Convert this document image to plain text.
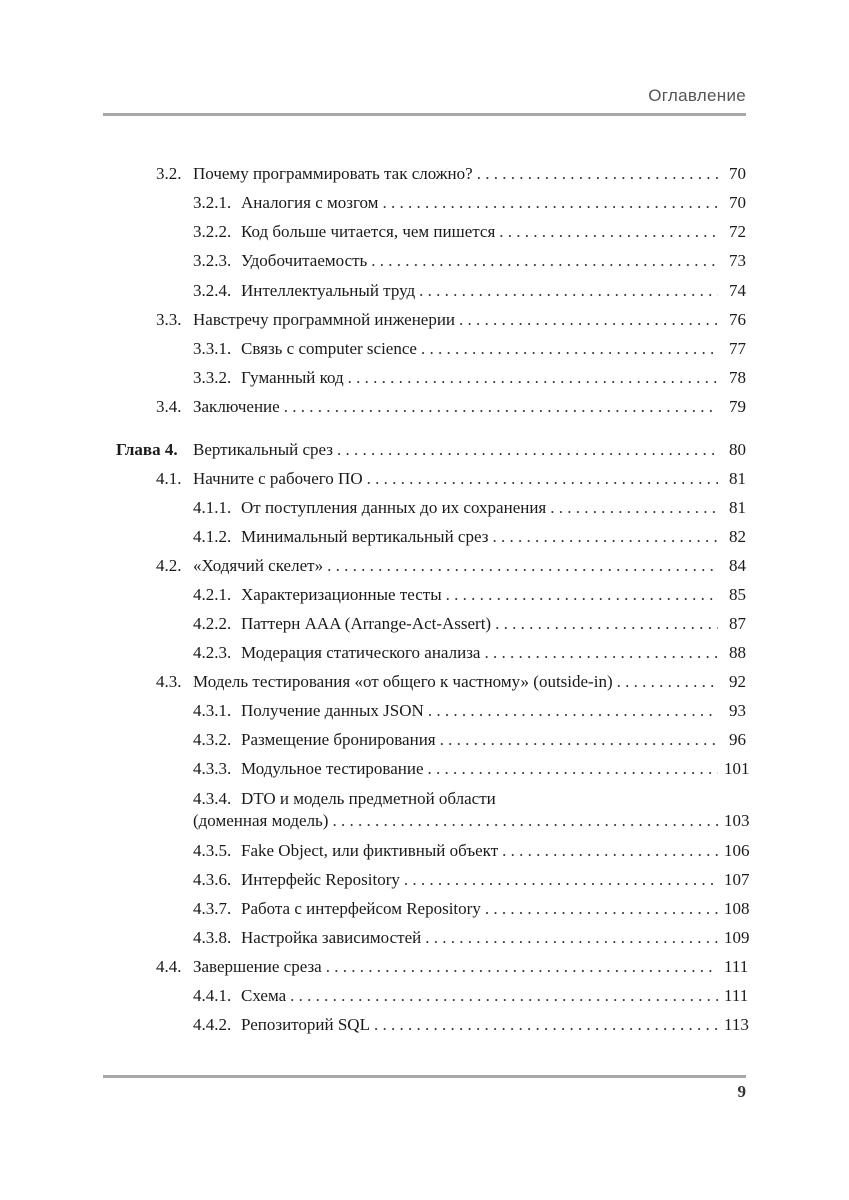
Оглавление
3.2. Почему программировать так сложно? . . .	70
3.2.1. Аналогия с мозгом . . .	70
3.2.2. Код больше читается, чем пишется . . .	72
3.2.3. Удобочитаемость . . .	73
3.2.4. Интеллектуальный труд . . .	74
3.3. Навстречу программной инженерии . . .	76
3.3.1. Связь с computer science . . .	77
3.3.2. Гуманный код . . .	78
3.4. Заключение . . .	79
Глава 4. Вертикальный срез . . .	80
4.1. Начните с рабочего ПО . . .	81
4.1.1. От поступления данных до их сохранения . . .	81
4.1.2. Минимальный вертикальный срез . . .	82
4.2. «Ходячий скелет» . . .	84
4.2.1. Характеризационные тесты . . .	85
4.2.2. Паттерн AAA (Arrange-Act-Assert) . . .	87
4.2.3. Модерация статического анализа . . .	88
4.3. Модель тестирования «от общего к частному» (outside-in) . . .	92
4.3.1. Получение данных JSON . . .	93
4.3.2. Размещение бронирования . . .	96
4.3.3. Модульное тестирование . . .	101
4.3.4. DTO и модель предметной области
(доменная модель) . . .	103
4.3.5. Fake Object, или фиктивный объект . . .	106
4.3.6. Интерфейс Repository . . .	107
4.3.7. Работа с интерфейсом Repository . . .	108
4.3.8. Настройка зависимостей . . .	109
4.4. Завершение среза . . .	111
4.4.1. Схема . . .	111
4.4.2. Репозиторий SQL . . .	113
9
